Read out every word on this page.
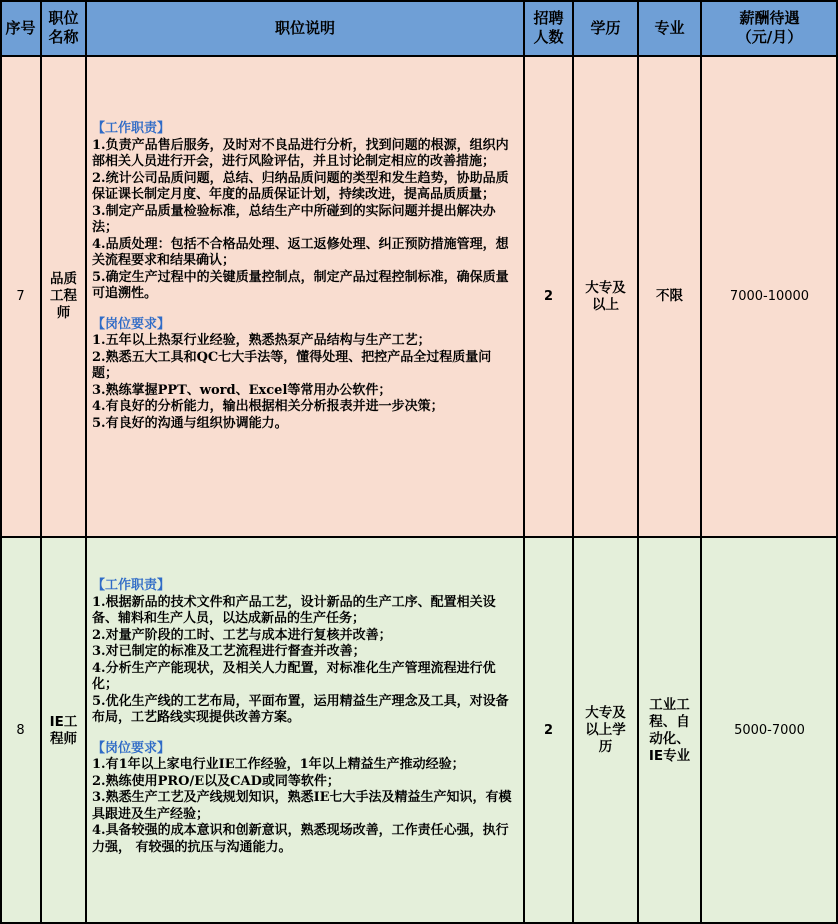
序号
职位
名称
职位说明
招聘
人数
学历 专业
薪酬待遇
（元/月）
7
品质
工程
师
【工作职责】
1.负责产品售后服务，及时对不良品进行分析，找到问题的根源，组织内部相关人员进行开会，进行风险评估，并且讨论制定相应的改善措施；
2.统计公司品质问题，总结、归纳品质问题的类型和发生趋势，协助品质保证课长制定月度、年度的品质保证计划，持续改进，提高品质质量；
3.制定产品质量检验标准，总结生产中所碰到的实际问题并提出解决办法；
4.品质处理：包括不合格品处理、返工返修处理、纠正预防措施管理，想关流程要求和结果确认；
5.确定生产过程中的关键质量控制点，制定产品过程控制标准，确保质量可追溯性。
【岗位要求】
1.五年以上热泵行业经验，熟悉热泵产品结构与生产工艺；
2.熟悉五大工具和QC七大手法等，懂得处理、把控产品全过程质量问题；
3.熟练掌握PPT、word、Excel等常用办公软件；
4.有良好的分析能力，输出根据相关分析报表并进一步决策；
5.有良好的沟通与组织协调能力。
2
大专及
以上
不限	7000-10000
8
IE工
程师
【工作职责】
1.根据新品的技术文件和产品工艺，设计新品的生产工序、配置相关设备、辅料和生产人员，以达成新品的生产任务；
2.对量产阶段的工时、工艺与成本进行复核并改善；
3.对已制定的标准及工艺流程进行督查并改善；
4.分析生产产能现状，及相关人力配置，对标准化生产管理流程进行优化；
5.优化生产线的工艺布局，平面布置，运用精益生产理念及工具，对设备布局，工艺路线实现提供改善方案。
【岗位要求】
1.有1年以上家电行业IE工作经验，1年以上精益生产推动经验；
2.熟练使用PRO/E以及CAD或同等软件；
3.熟悉生产工艺及产线规划知识，熟悉IE七大手法及精益生产知识，有模具跟进及生产经验；
4.具备较强的成本意识和创新意识，熟悉现场改善，工作责任心强，执行力强， 有较强的抗压与沟通能力。
2
大专及
以上学
历
工业工
程、自
动化、
IE专业
5000-7000
